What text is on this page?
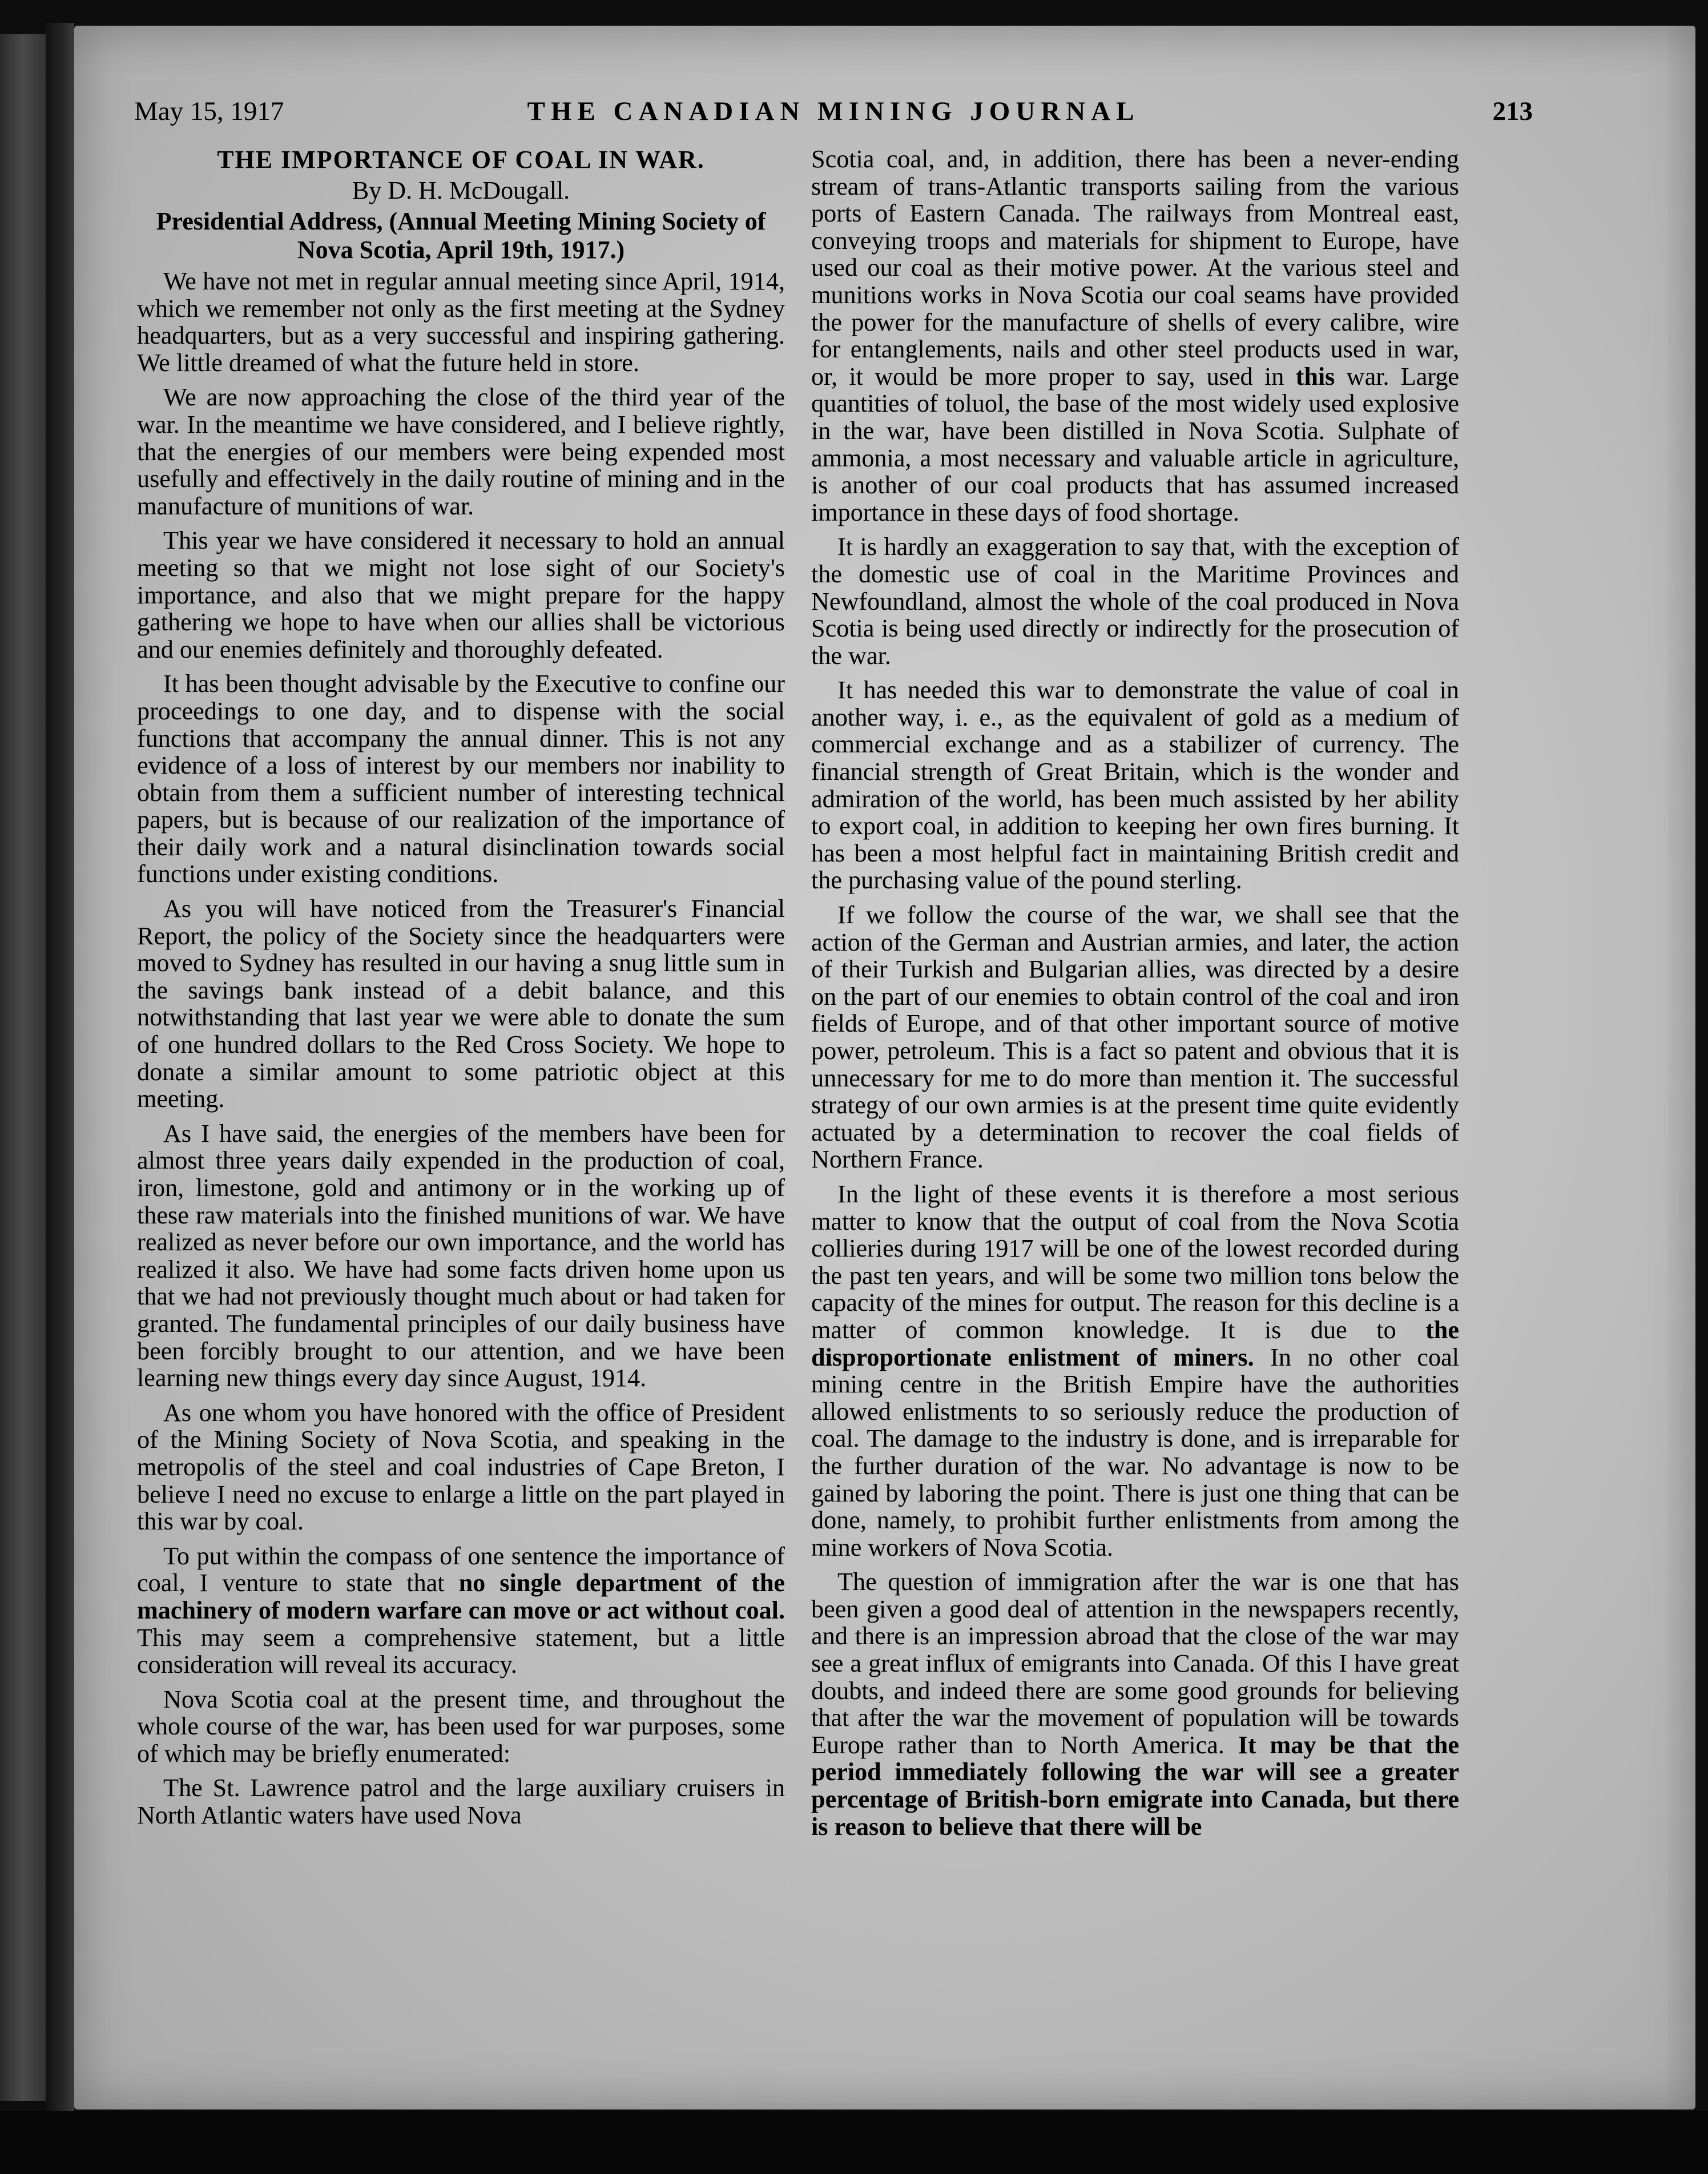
May 15, 1917	THE CANADIAN MINING JOURNAL	213
THE IMPORTANCE OF COAL IN WAR.
By D. H. McDougall.
Presidential Address, (Annual Meeting Mining Society of Nova Scotia, April 19th, 1917.)

We have not met in regular annual meeting since April, 1914, which we remember not only as the first meeting at the Sydney headquarters, but as a very successful and inspiring gathering. We little dreamed of what the future held in store.

We are now approaching the close of the third year of the war. In the meantime we have considered, and I believe rightly, that the energies of our members were being expended most usefully and effectively in the daily routine of mining and in the manufacture of munitions of war.

This year we have considered it necessary to hold an annual meeting so that we might not lose sight of our Society's importance, and also that we might prepare for the happy gathering we hope to have when our allies shall be victorious and our enemies definitely and thoroughly defeated.

It has been thought advisable by the Executive to confine our proceedings to one day, and to dispense with the social functions that accompany the annual dinner. This is not any evidence of a loss of interest by our members nor inability to obtain from them a sufficient number of interesting technical papers, but is because of our realization of the importance of their daily work and a natural disinclination towards social functions under existing conditions.

As you will have noticed from the Treasurer's Financial Report, the policy of the Society since the headquarters were moved to Sydney has resulted in our having a snug little sum in the savings bank instead of a debit balance, and this notwithstanding that last year we were able to donate the sum of one hundred dollars to the Red Cross Society. We hope to donate a similar amount to some patriotic object at this meeting.

As I have said, the energies of the members have been for almost three years daily expended in the production of coal, iron, limestone, gold and antimony or in the working up of these raw materials into the finished munitions of war. We have realized as never before our own importance, and the world has realized it also. We have had some facts driven home upon us that we had not previously thought much about or had taken for granted. The fundamental principles of our daily business have been forcibly brought to our attention, and we have been learning new things every day since August, 1914.

As one whom you have honored with the office of President of the Mining Society of Nova Scotia, and speaking in the metropolis of the steel and coal industries of Cape Breton, I believe I need no excuse to enlarge a little on the part played in this war by coal.

To put within the compass of one sentence the importance of coal, I venture to state that no single department of the machinery of modern warfare can move or act without coal. This may seem a comprehensive statement, but a little consideration will reveal its accuracy.

Nova Scotia coal at the present time, and throughout the whole course of the war, has been used for war purposes, some of which may be briefly enumerated:

The St. Lawrence patrol and the large auxiliary cruisers in North Atlantic waters have used Nova

Scotia coal, and, in addition, there has been a never-ending stream of trans-Atlantic transports sailing from the various ports of Eastern Canada. The railways from Montreal east, conveying troops and materials for shipment to Europe, have used our coal as their motive power. At the various steel and munitions works in Nova Scotia our coal seams have provided the power for the manufacture of shells of every calibre, wire for entanglements, nails and other steel products used in war, or, it would be more proper to say, used in this war. Large quantities of toluol, the base of the most widely used explosive in the war, have been distilled in Nova Scotia. Sulphate of ammonia, a most necessary and valuable article in agriculture, is another of our coal products that has assumed increased importance in these days of food shortage.

It is hardly an exaggeration to say that, with the exception of the domestic use of coal in the Maritime Provinces and Newfoundland, almost the whole of the coal produced in Nova Scotia is being used directly or indirectly for the prosecution of the war.

It has needed this war to demonstrate the value of coal in another way, i. e., as the equivalent of gold as a medium of commercial exchange and as a stabilizer of currency. The financial strength of Great Britain, which is the wonder and admiration of the world, has been much assisted by her ability to export coal, in addition to keeping her own fires burning. It has been a most helpful fact in maintaining British credit and the purchasing value of the pound sterling.

If we follow the course of the war, we shall see that the action of the German and Austrian armies, and later, the action of their Turkish and Bulgarian allies, was directed by a desire on the part of our enemies to obtain control of the coal and iron fields of Europe, and of that other important source of motive power, petroleum. This is a fact so patent and obvious that it is unnecessary for me to do more than mention it. The successful strategy of our own armies is at the present time quite evidently actuated by a determination to recover the coal fields of Northern France.

In the light of these events it is therefore a most serious matter to know that the output of coal from the Nova Scotia collieries during 1917 will be one of the lowest recorded during the past ten years, and will be some two million tons below the capacity of the mines for output. The reason for this decline is a matter of common knowledge. It is due to the disproportionate enlistment of miners. In no other coal mining centre in the British Empire have the authorities allowed enlistments to so seriously reduce the production of coal. The damage to the industry is done, and is irreparable for the further duration of the war. No advantage is now to be gained by laboring the point. There is just one thing that can be done, namely, to prohibit further enlistments from among the mine workers of Nova Scotia.

The question of immigration after the war is one that has been given a good deal of attention in the newspapers recently, and there is an impression abroad that the close of the war may see a great influx of emigrants into Canada. Of this I have great doubts, and indeed there are some good grounds for believing that after the war the movement of population will be towards Europe rather than to North America. It may be that the period immediately following the war will see a greater percentage of British-born emigrate into Canada, but there is reason to believe that there will be
